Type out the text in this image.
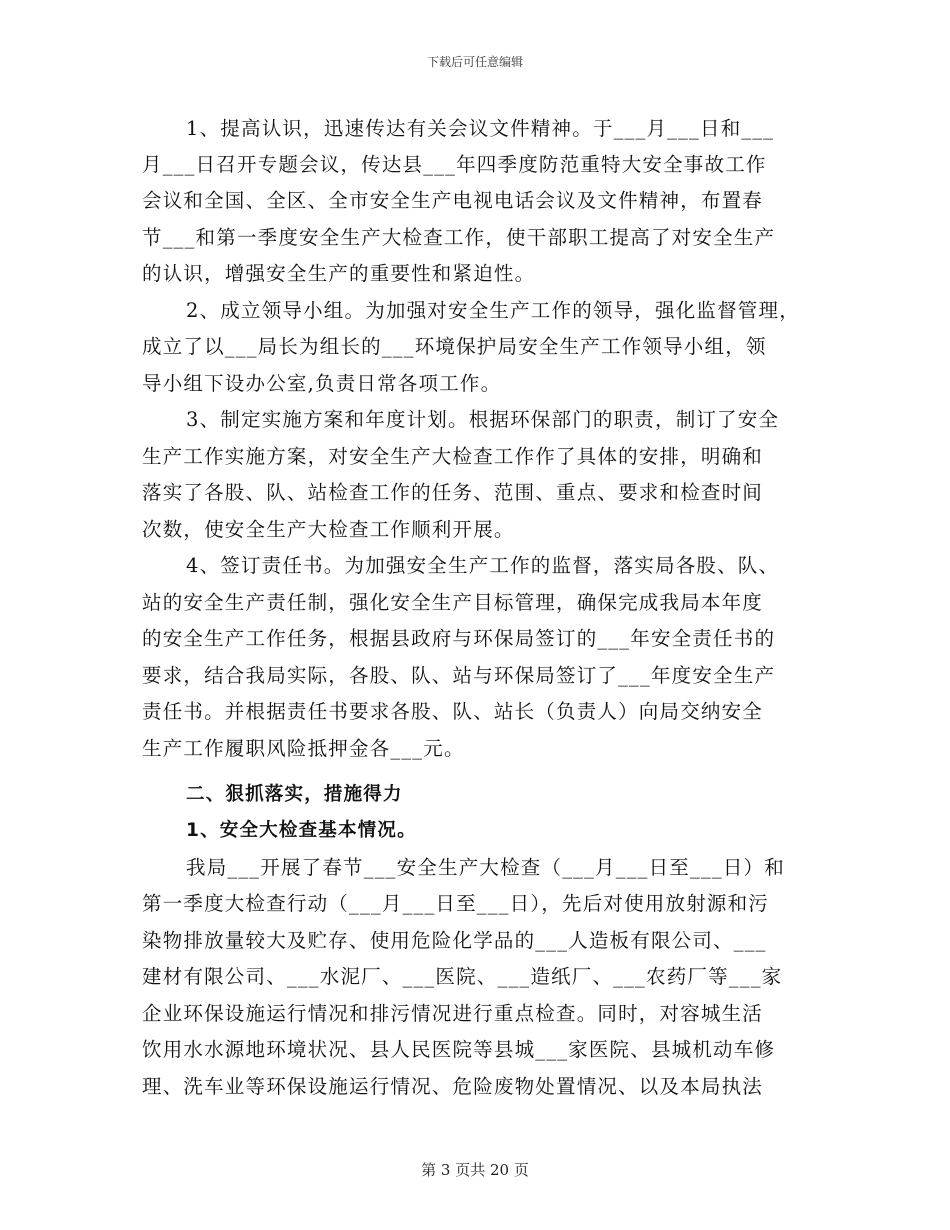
下载后可任意编辑
1、提高认识，迅速传达有关会议文件精神。于___月___日和___
月___日召开专题会议，传达县___年四季度防范重特大安全事故工作
会议和全国、全区、全市安全生产电视电话会议及文件精神，布置春
节___和第一季度安全生产大检查工作，使干部职工提高了对安全生产
的认识，增强安全生产的重要性和紧迫性。
2、成立领导小组。为加强对安全生产工作的领导，强化监督管理，
成立了以___局长为组长的___环境保护局安全生产工作领导小组，领
导小组下设办公室,负责日常各项工作。
3、制定实施方案和年度计划。根据环保部门的职责，制订了安全
生产工作实施方案，对安全生产大检查工作作了具体的安排，明确和
落实了各股、队、站检查工作的任务、范围、重点、要求和检查时间
次数，使安全生产大检查工作顺利开展。
4、签订责任书。为加强安全生产工作的监督，落实局各股、队、
站的安全生产责任制，强化安全生产目标管理，确保完成我局本年度
的安全生产工作任务，根据县政府与环保局签订的___年安全责任书的
要求，结合我局实际，各股、队、站与环保局签订了___年度安全生产
责任书。并根据责任书要求各股、队、站长（负责人）向局交纳安全
生产工作履职风险抵押金各___元。
二、狠抓落实，措施得力
1、安全大检查基本情况。
我局___开展了春节___安全生产大检查（___月___日至___日）和
第一季度大检查行动（___月___日至___日），先后对使用放射源和污
染物排放量较大及贮存、使用危险化学品的___人造板有限公司、___
建材有限公司、___水泥厂、___医院、___造纸厂、___农药厂等___家
企业环保设施运行情况和排污情况进行重点检查。同时，对容城生活
饮用水水源地环境状况、县人民医院等县城___家医院、县城机动车修
理、洗车业等环保设施运行情况、危险废物处置情况、以及本局执法
第 3 页共 20 页
